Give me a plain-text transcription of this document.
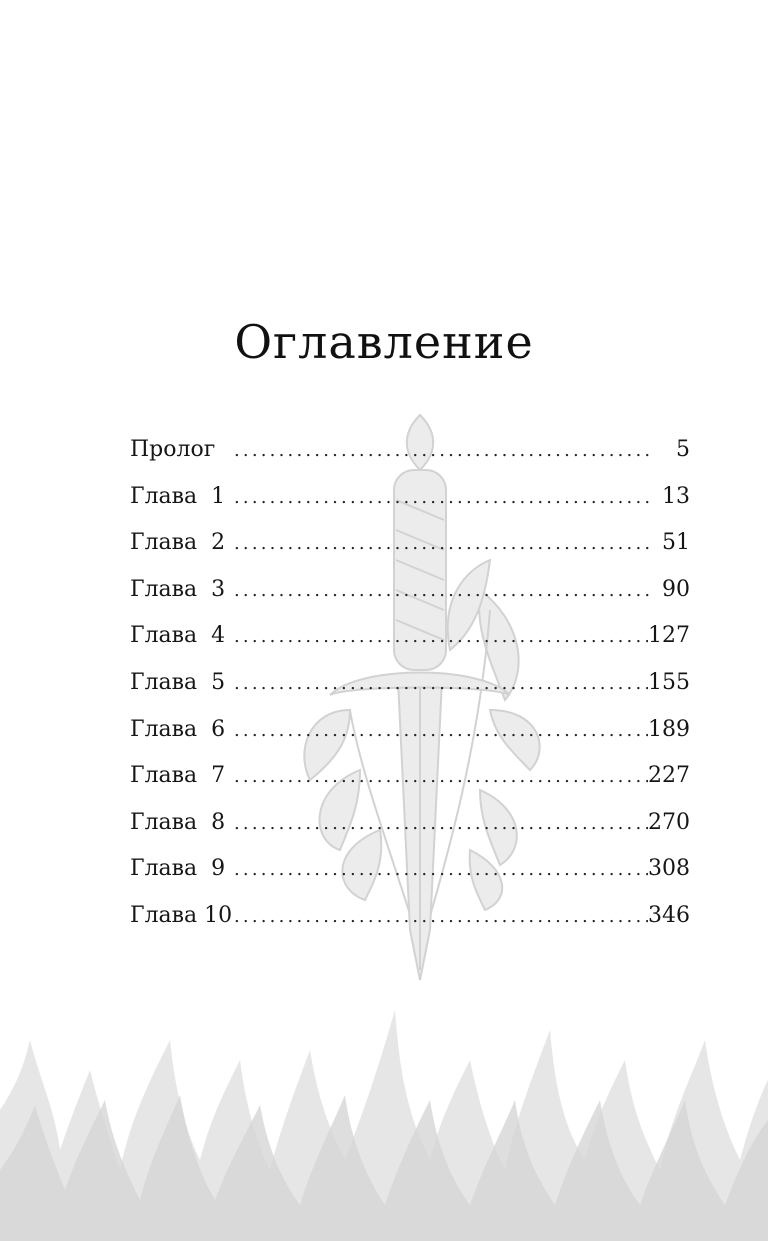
Оглавление
Пролог .....	5
Глава  1 .....	13
Глава  2 .....	51
Глава  3 .....	90
Глава  4 .....	127
Глава  5 .....	155
Глава  6 .....	189
Глава  7 .....	227
Глава  8 .....	270
Глава  9 .....	308
Глава 10 .....	346
